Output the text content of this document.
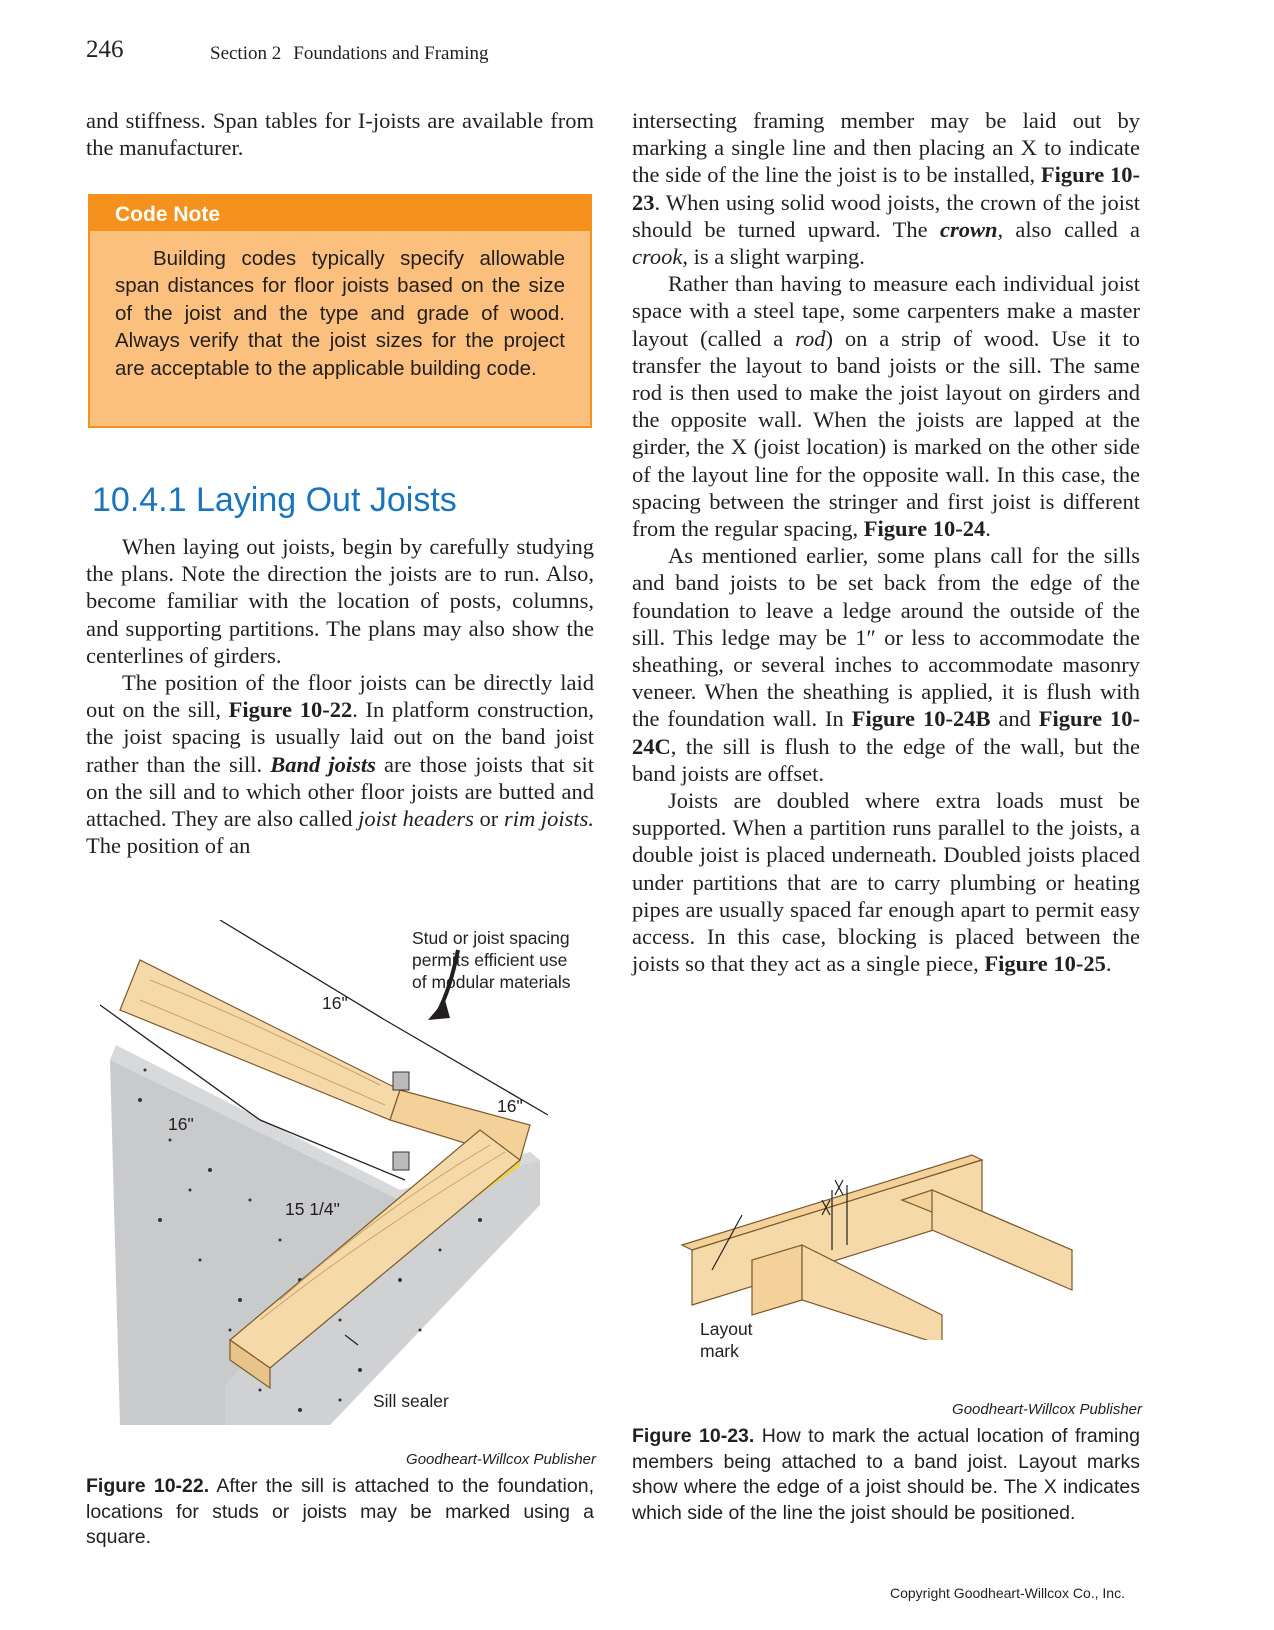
246	Section 2 Foundations and Framing

and stiffness. Span tables for I-joists are available from the manufacturer.

Code Note
Building codes typically specify allowable span distances for floor joists based on the size of the joist and the type and grade of wood. Always verify that the joist sizes for the project are acceptable to the applicable building code.
10.4.1 Laying Out Joists

When laying out joists, begin by carefully studying the plans. Note the direction the joists are to run. Also, become familiar with the location of posts, columns, and supporting partitions. The plans may also show the centerlines of girders.

The position of the floor joists can be directly laid out on the sill, Figure 10-22. In platform construction, the joist spacing is usually laid out on the band joist rather than the sill. Band joists are those joists that sit on the sill and to which other floor joists are butted and attached. They are also called joist headers or rim joists. The position of an

intersecting framing member may be laid out by marking a single line and then placing an X to indicate the side of the line the joist is to be installed, Figure 10-23. When using solid wood joists, the crown of the joist should be turned upward. The crown, also called a crook, is a slight warping.

Rather than having to measure each individual joist space with a steel tape, some carpenters make a master layout (called a rod) on a strip of wood. Use it to transfer the layout to band joists or the sill. The same rod is then used to make the joist layout on girders and the opposite wall. When the joists are lapped at the girder, the X (joist location) is marked on the other side of the layout line for the opposite wall. In this case, the spacing between the stringer and first joist is different from the regular spacing, Figure 10-24.

As mentioned earlier, some plans call for the sills and band joists to be set back from the edge of the foundation to leave a ledge around the outside of the sill. This ledge may be 1″ or less to accommodate the sheathing, or several inches to accommodate masonry veneer. When the sheathing is applied, it is flush with the foundation wall. In Figure 10-24B and Figure 10-24C, the sill is flush to the edge of the wall, but the band joists are offset.

Joists are doubled where extra loads must be supported. When a partition runs parallel to the joists, a double joist is placed underneath. Doubled joists placed under partitions that are to carry plumbing or heating pipes are usually spaced far enough apart to permit easy access. In this case, blocking is placed between the joists so that they act as a single piece, Figure 10-25.

Stud or joist spacing
permits efficient use
of modular materials
16"
16"
16"
15 1/4"
Sill sealer
Goodheart-Willcox Publisher
Figure 10-22. After the sill is attached to the foundation, locations for studs or joists may be marked using a square.
Layout
mark
Goodheart-Willcox Publisher
Figure 10-23. How to mark the actual location of framing members being attached to a band joist. Layout marks show where the edge of a joist should be. The X indicates which side of the line the joist should be positioned.
Copyright Goodheart-Willcox Co., Inc.
